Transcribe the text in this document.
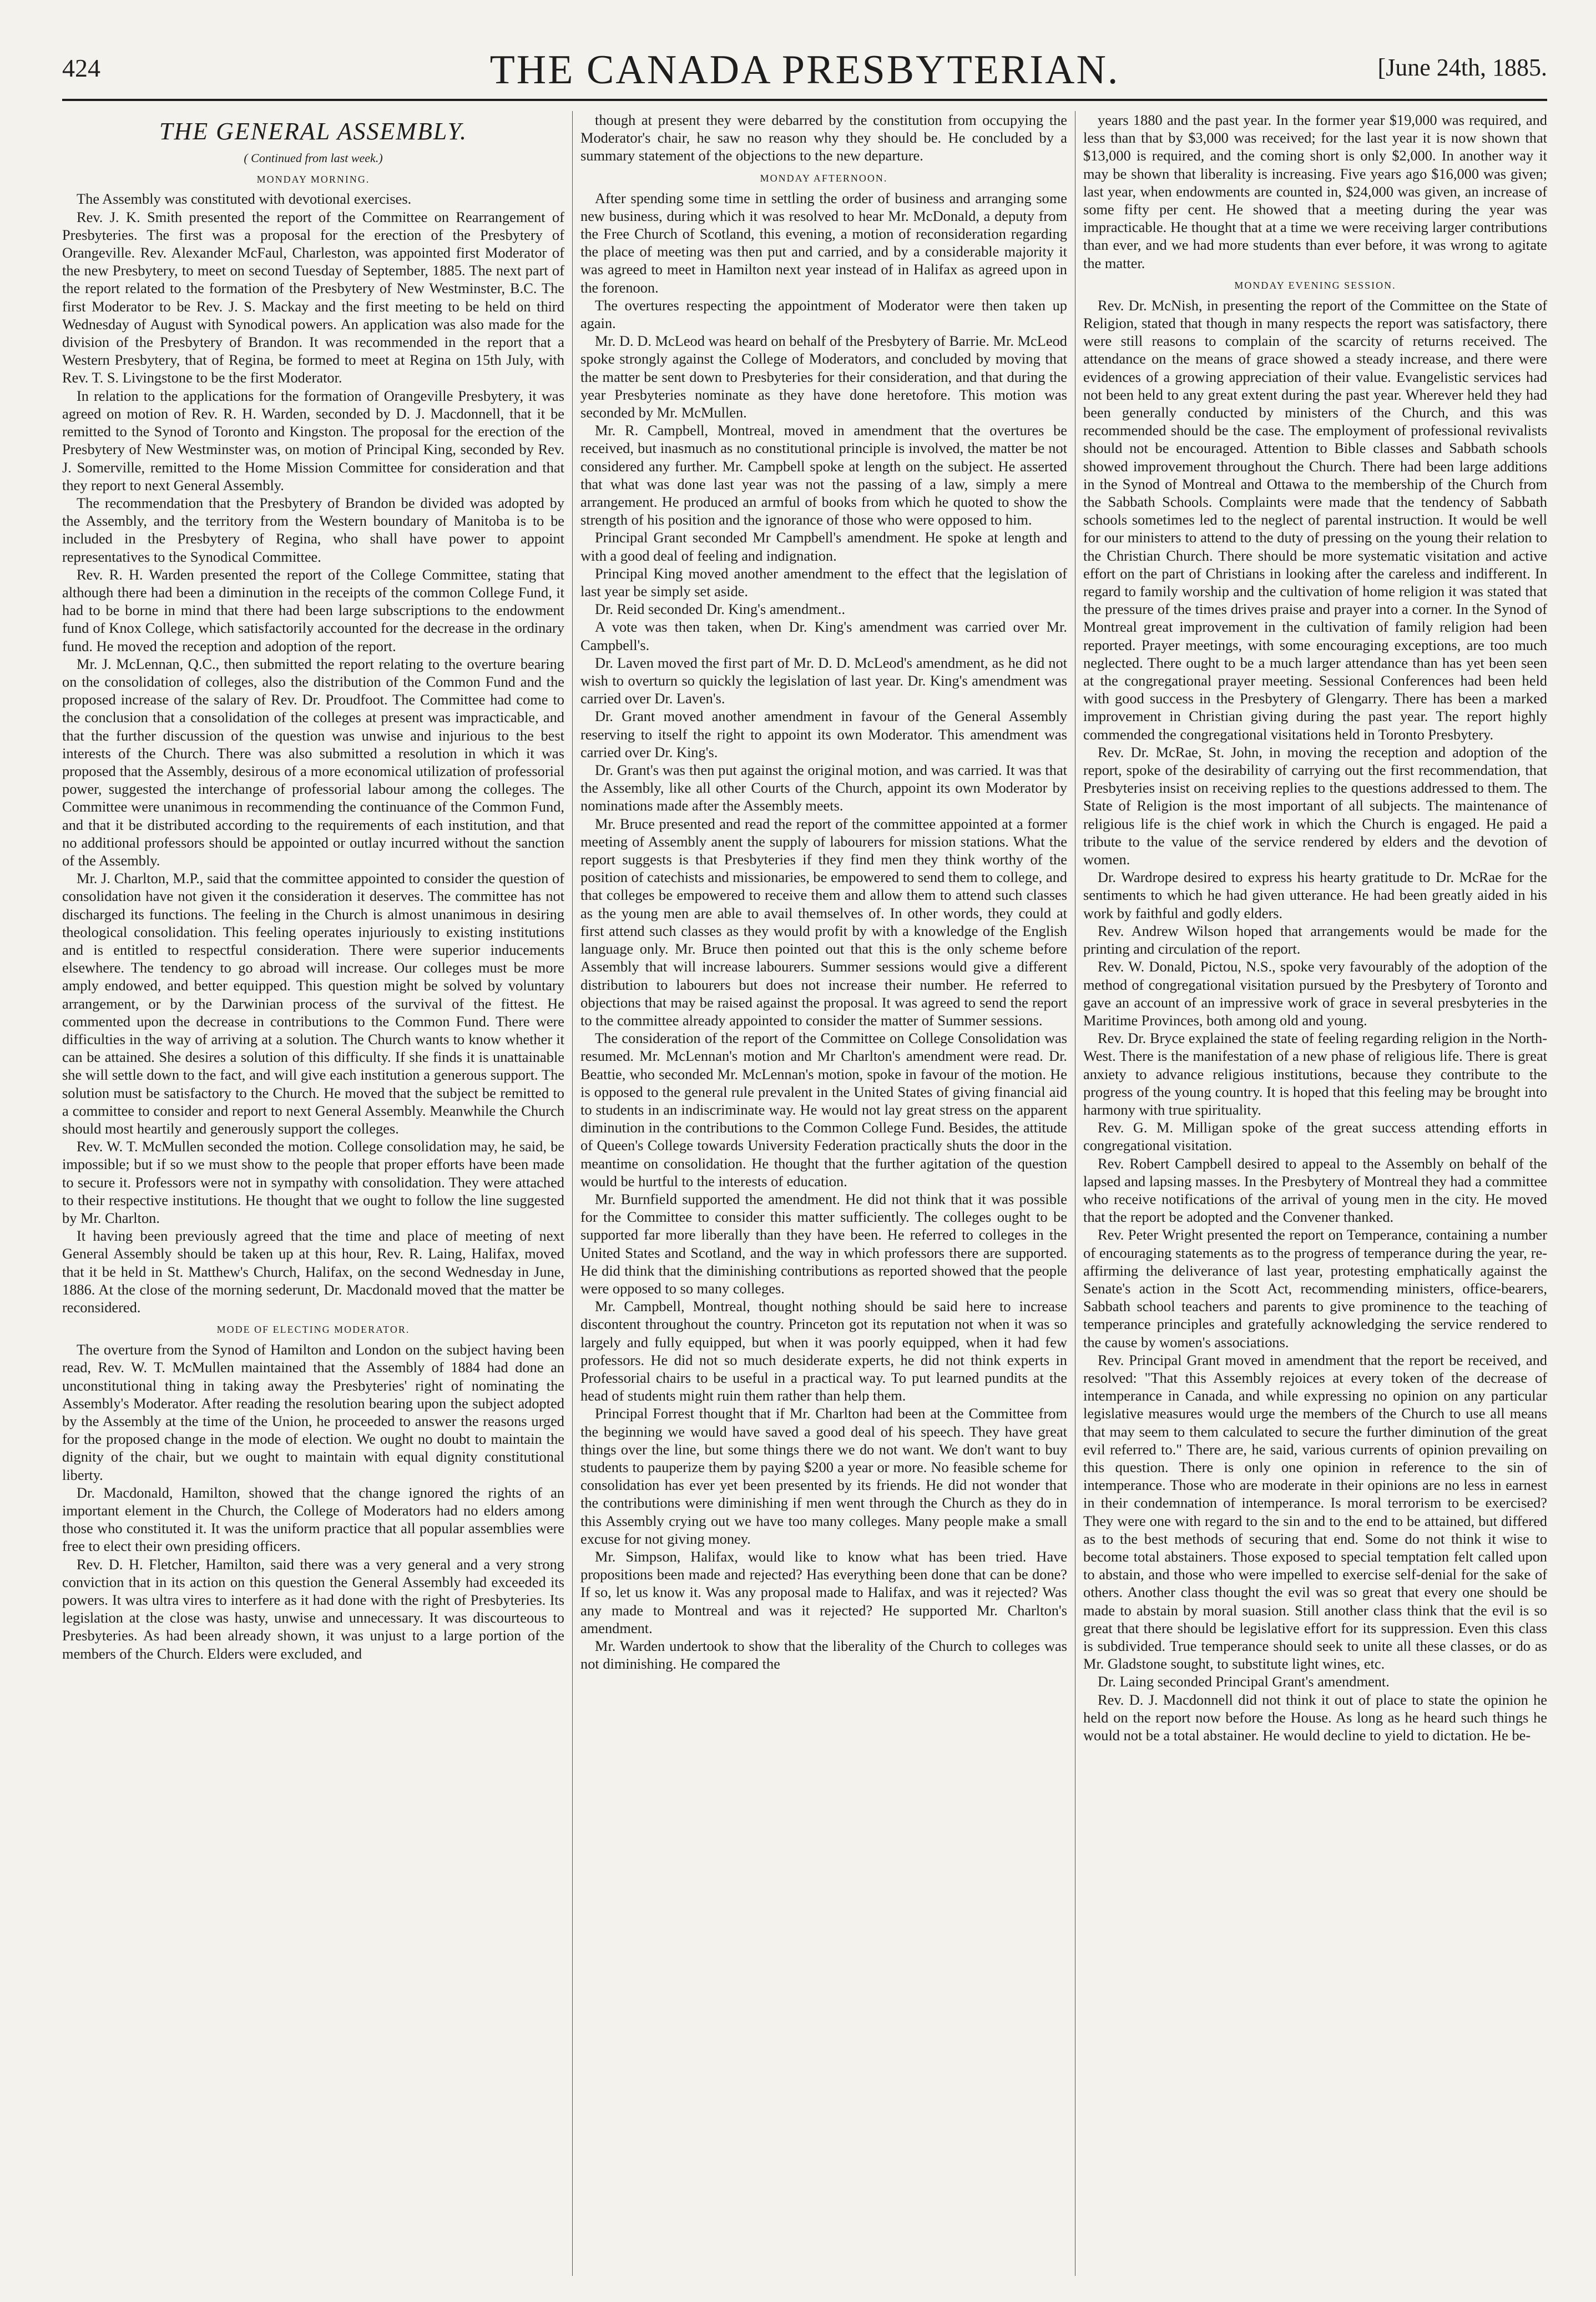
424	THE CANADA PRESBYTERIAN.	[June 24th, 1885.
THE GENERAL ASSEMBLY.
( Continued from last week.)
MONDAY MORNING.

The Assembly was constituted with devotional exercises.

Rev. J. K. Smith presented the report of the Committee on Rearrangement of Presbyteries. The first was a proposal for the erection of the Presbytery of Orangeville. Rev. Alexander McFaul, Charleston, was appointed first Moderator of the new Presbytery, to meet on second Tuesday of September, 1885. The next part of the report related to the formation of the Presbytery of New Westminster, B.C. The first Moderator to be Rev. J. S. Mackay and the first meeting to be held on third Wednesday of August with Synodical powers. An application was also made for the division of the Presbytery of Brandon. It was recommended in the report that a Western Presbytery, that of Regina, be formed to meet at Regina on 15th July, with Rev. T. S. Livingstone to be the first Moderator.

In relation to the applications for the formation of Orangeville Presbytery, it was agreed on motion of Rev. R. H. Warden, seconded by D. J. Macdonnell, that it be remitted to the Synod of Toronto and Kingston. The proposal for the erection of the Presbytery of New Westminster was, on motion of Principal King, seconded by Rev. J. Somerville, remitted to the Home Mission Committee for consideration and that they report to next General Assembly.

The recommendation that the Presbytery of Brandon be divided was adopted by the Assembly, and the territory from the Western boundary of Manitoba is to be included in the Presbytery of Regina, who shall have power to appoint representatives to the Synodical Committee.

Rev. R. H. Warden presented the report of the College Committee, stating that although there had been a diminution in the receipts of the common College Fund, it had to be borne in mind that there had been large subscriptions to the endowment fund of Knox College, which satisfactorily accounted for the decrease in the ordinary fund. He moved the reception and adoption of the report.

Mr. J. McLennan, Q.C., then submitted the report relating to the overture bearing on the consolidation of colleges, also the distribution of the Common Fund and the proposed increase of the salary of Rev. Dr. Proudfoot. The Committee had come to the conclusion that a consolidation of the colleges at present was impracticable, and that the further discussion of the question was unwise and injurious to the best interests of the Church. There was also submitted a resolution in which it was proposed that the Assembly, desirous of a more economical utilization of professorial power, suggested the interchange of professorial labour among the colleges. The Committee were unanimous in recommending the continuance of the Common Fund, and that it be distributed according to the requirements of each institution, and that no additional professors should be appointed or outlay incurred without the sanction of the Assembly.

Mr. J. Charlton, M.P., said that the committee appointed to consider the question of consolidation have not given it the consideration it deserves. The committee has not discharged its functions. The feeling in the Church is almost unanimous in desiring theological consolidation. This feeling operates injuriously to existing institutions and is entitled to respectful consideration. There were superior inducements elsewhere. The tendency to go abroad will increase. Our colleges must be more amply endowed, and better equipped. This question might be solved by voluntary arrangement, or by the Darwinian process of the survival of the fittest. He commented upon the decrease in contributions to the Common Fund. There were difficulties in the way of arriving at a solution. The Church wants to know whether it can be attained. She desires a solution of this difficulty. If she finds it is unattainable she will settle down to the fact, and will give each institution a generous support. The solution must be satisfactory to the Church. He moved that the subject be remitted to a committee to consider and report to next General Assembly. Meanwhile the Church should most heartily and generously support the colleges.

Rev. W. T. McMullen seconded the motion. College consolidation may, he said, be impossible; but if so we must show to the people that proper efforts have been made to secure it. Professors were not in sympathy with consolidation. They were attached to their respective institutions. He thought that we ought to follow the line suggested by Mr. Charlton.

It having been previously agreed that the time and place of meeting of next General Assembly should be taken up at this hour, Rev. R. Laing, Halifax, moved that it be held in St. Matthew's Church, Halifax, on the second Wednesday in June, 1886. At the close of the morning sederunt, Dr. Macdonald moved that the matter be reconsidered.

MODE OF ELECTING MODERATOR.

The overture from the Synod of Hamilton and London on the subject having been read, Rev. W. T. McMullen maintained that the Assembly of 1884 had done an unconstitutional thing in taking away the Presbyteries' right of nominating the Assembly's Moderator. After reading the resolution bearing upon the subject adopted by the Assembly at the time of the Union, he proceeded to answer the reasons urged for the proposed change in the mode of election. We ought no doubt to maintain the dignity of the chair, but we ought to maintain with equal dignity constitutional liberty.

Dr. Macdonald, Hamilton, showed that the change ignored the rights of an important element in the Church, the College of Moderators had no elders among those who constituted it. It was the uniform practice that all popular assemblies were free to elect their own presiding officers.

Rev. D. H. Fletcher, Hamilton, said there was a very general and a very strong conviction that in its action on this question the General Assembly had exceeded its powers. It was ultra vires to interfere as it had done with the right of Presbyteries. Its legislation at the close was hasty, unwise and unnecessary. It was discourteous to Presbyteries. As had been already shown, it was unjust to a large portion of the members of the Church. Elders were excluded, and

though at present they were debarred by the constitution from occupying the Moderator's chair, he saw no reason why they should be. He concluded by a summary statement of the objections to the new departure.

MONDAY AFTERNOON.

After spending some time in settling the order of business and arranging some new business, during which it was resolved to hear Mr. McDonald, a deputy from the Free Church of Scotland, this evening, a motion of reconsideration regarding the place of meeting was then put and carried, and by a considerable majority it was agreed to meet in Hamilton next year instead of in Halifax as agreed upon in the forenoon.

The overtures respecting the appointment of Moderator were then taken up again.

Mr. D. D. McLeod was heard on behalf of the Presbytery of Barrie. Mr. McLeod spoke strongly against the College of Moderators, and concluded by moving that the matter be sent down to Presbyteries for their consideration, and that during the year Presbyteries nominate as they have done heretofore. This motion was seconded by Mr. McMullen.

Mr. R. Campbell, Montreal, moved in amendment that the overtures be received, but inasmuch as no constitutional principle is involved, the matter be not considered any further. Mr. Campbell spoke at length on the subject. He asserted that what was done last year was not the passing of a law, simply a mere arrangement. He produced an armful of books from which he quoted to show the strength of his position and the ignorance of those who were opposed to him.

Principal Grant seconded Mr Campbell's amendment. He spoke at length and with a good deal of feeling and indignation.

Principal King moved another amendment to the effect that the legislation of last year be simply set aside.

Dr. Reid seconded Dr. King's amendment..

A vote was then taken, when Dr. King's amendment was carried over Mr. Campbell's.

Dr. Laven moved the first part of Mr. D. D. McLeod's amendment, as he did not wish to overturn so quickly the legislation of last year. Dr. King's amendment was carried over Dr. Laven's.

Dr. Grant moved another amendment in favour of the General Assembly reserving to itself the right to appoint its own Moderator. This amendment was carried over Dr. King's.

Dr. Grant's was then put against the original motion, and was carried. It was that the Assembly, like all other Courts of the Church, appoint its own Moderator by nominations made after the Assembly meets.

Mr. Bruce presented and read the report of the committee appointed at a former meeting of Assembly anent the supply of labourers for mission stations. What the report suggests is that Presbyteries if they find men they think worthy of the position of catechists and missionaries, be empowered to send them to college, and that colleges be empowered to receive them and allow them to attend such classes as the young men are able to avail themselves of. In other words, they could at first attend such classes as they would profit by with a knowledge of the English language only. Mr. Bruce then pointed out that this is the only scheme before Assembly that will increase labourers. Summer sessions would give a different distribution to labourers but does not increase their number. He referred to objections that may be raised against the proposal. It was agreed to send the report to the committee already appointed to consider the matter of Summer sessions.

The consideration of the report of the Committee on College Consolidation was resumed. Mr. McLennan's motion and Mr Charlton's amendment were read. Dr. Beattie, who seconded Mr. McLennan's motion, spoke in favour of the motion. He is opposed to the general rule prevalent in the United States of giving financial aid to students in an indiscriminate way. He would not lay great stress on the apparent diminution in the contributions to the Common College Fund. Besides, the attitude of Queen's College towards University Federation practically shuts the door in the meantime on consolidation. He thought that the further agitation of the question would be hurtful to the interests of education.

Mr. Burnfield supported the amendment. He did not think that it was possible for the Committee to consider this matter sufficiently. The colleges ought to be supported far more liberally than they have been. He referred to colleges in the United States and Scotland, and the way in which professors there are supported. He did think that the diminishing contributions as reported showed that the people were opposed to so many colleges.

Mr. Campbell, Montreal, thought nothing should be said here to increase discontent throughout the country. Princeton got its reputation not when it was so largely and fully equipped, but when it was poorly equipped, when it had few professors. He did not so much desiderate experts, he did not think experts in Professorial chairs to be useful in a practical way. To put learned pundits at the head of students might ruin them rather than help them.

Principal Forrest thought that if Mr. Charlton had been at the Committee from the beginning we would have saved a good deal of his speech. They have great things over the line, but some things there we do not want. We don't want to buy students to pauperize them by paying $200 a year or more. No feasible scheme for consolidation has ever yet been presented by its friends. He did not wonder that the contributions were diminishing if men went through the Church as they do in this Assembly crying out we have too many colleges. Many people make a small excuse for not giving money.

Mr. Simpson, Halifax, would like to know what has been tried. Have propositions been made and rejected? Has everything been done that can be done? If so, let us know it. Was any proposal made to Halifax, and was it rejected? Was any made to Montreal and was it rejected? He supported Mr. Charlton's amendment.

Mr. Warden undertook to show that the liberality of the Church to colleges was not diminishing. He compared the

years 1880 and the past year. In the former year $19,000 was required, and less than that by $3,000 was received; for the last year it is now shown that $13,000 is required, and the coming short is only $2,000. In another way it may be shown that liberality is increasing. Five years ago $16,000 was given; last year, when endowments are counted in, $24,000 was given, an increase of some fifty per cent. He showed that a meeting during the year was impracticable. He thought that at a time we were receiving larger contributions than ever, and we had more students than ever before, it was wrong to agitate the matter.

MONDAY EVENING SESSION.

Rev. Dr. McNish, in presenting the report of the Committee on the State of Religion, stated that though in many respects the report was satisfactory, there were still reasons to complain of the scarcity of returns received. The attendance on the means of grace showed a steady increase, and there were evidences of a growing appreciation of their value. Evangelistic services had not been held to any great extent during the past year. Wherever held they had been generally conducted by ministers of the Church, and this was recommended should be the case. The employment of professional revivalists should not be encouraged. Attention to Bible classes and Sabbath schools showed improvement throughout the Church. There had been large additions in the Synod of Montreal and Ottawa to the membership of the Church from the Sabbath Schools. Complaints were made that the tendency of Sabbath schools sometimes led to the neglect of parental instruction. It would be well for our ministers to attend to the duty of pressing on the young their relation to the Christian Church. There should be more systematic visitation and active effort on the part of Christians in looking after the careless and indifferent. In regard to family worship and the cultivation of home religion it was stated that the pressure of the times drives praise and prayer into a corner. In the Synod of Montreal great improvement in the cultivation of family religion had been reported. Prayer meetings, with some encouraging exceptions, are too much neglected. There ought to be a much larger attendance than has yet been seen at the congregational prayer meeting. Sessional Conferences had been held with good success in the Presbytery of Glengarry. There has been a marked improvement in Christian giving during the past year. The report highly commended the congregational visitations held in Toronto Presbytery.

Rev. Dr. McRae, St. John, in moving the reception and adoption of the report, spoke of the desirability of carrying out the first recommendation, that Presbyteries insist on receiving replies to the questions addressed to them. The State of Religion is the most important of all subjects. The maintenance of religious life is the chief work in which the Church is engaged. He paid a tribute to the value of the service rendered by elders and the devotion of women.

Dr. Wardrope desired to express his hearty gratitude to Dr. McRae for the sentiments to which he had given utterance. He had been greatly aided in his work by faithful and godly elders.

Rev. Andrew Wilson hoped that arrangements would be made for the printing and circulation of the report.

Rev. W. Donald, Pictou, N.S., spoke very favourably of the adoption of the method of congregational visitation pursued by the Presbytery of Toronto and gave an account of an impressive work of grace in several presbyteries in the Maritime Provinces, both among old and young.

Rev. Dr. Bryce explained the state of feeling regarding religion in the North-West. There is the manifestation of a new phase of religious life. There is great anxiety to advance religious institutions, because they contribute to the progress of the young country. It is hoped that this feeling may be brought into harmony with true spirituality.

Rev. G. M. Milligan spoke of the great success attending efforts in congregational visitation.

Rev. Robert Campbell desired to appeal to the Assembly on behalf of the lapsed and lapsing masses. In the Presbytery of Montreal they had a committee who receive notifications of the arrival of young men in the city. He moved that the report be adopted and the Convener thanked.

Rev. Peter Wright presented the report on Temperance, containing a number of encouraging statements as to the progress of temperance during the year, re-affirming the deliverance of last year, protesting emphatically against the Senate's action in the Scott Act, recommending ministers, office-bearers, Sabbath school teachers and parents to give prominence to the teaching of temperance principles and gratefully acknowledging the service rendered to the cause by women's associations.

Rev. Principal Grant moved in amendment that the report be received, and resolved: "That this Assembly rejoices at every token of the decrease of intemperance in Canada, and while expressing no opinion on any particular legislative measures would urge the members of the Church to use all means that may seem to them calculated to secure the further diminution of the great evil referred to." There are, he said, various currents of opinion prevailing on this question. There is only one opinion in reference to the sin of intemperance. Those who are moderate in their opinions are no less in earnest in their condemnation of intemperance. Is moral terrorism to be exercised? They were one with regard to the sin and to the end to be attained, but differed as to the best methods of securing that end. Some do not think it wise to become total abstainers. Those exposed to special temptation felt called upon to abstain, and those who were impelled to exercise self-denial for the sake of others. Another class thought the evil was so great that every one should be made to abstain by moral suasion. Still another class think that the evil is so great that there should be legislative effort for its suppression. Even this class is subdivided. True temperance should seek to unite all these classes, or do as Mr. Gladstone sought, to substitute light wines, etc.

Dr. Laing seconded Principal Grant's amendment.

Rev. D. J. Macdonnell did not think it out of place to state the opinion he held on the report now before the House. As long as he heard such things he would not be a total abstainer. He would decline to yield to dictation. He be-
